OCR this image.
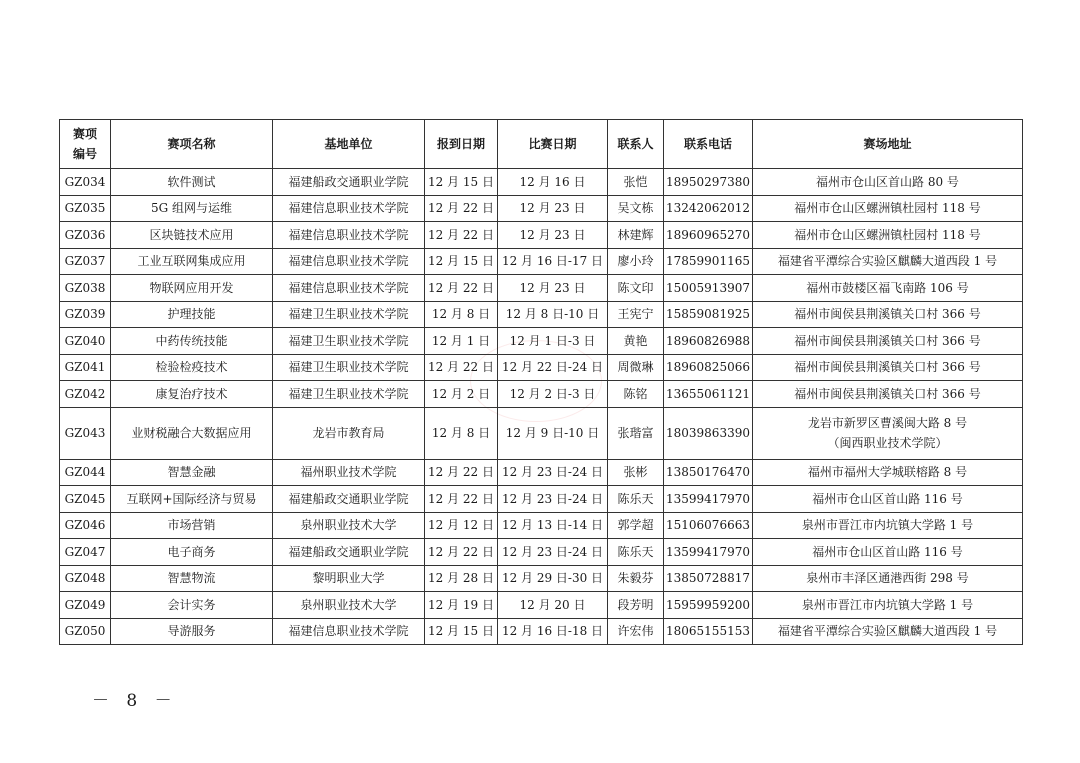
赛项
编号	赛项名称	基地单位	报到日期	比赛日期	联系人	联系电话	赛场地址
GZ034	软件测试	福建船政交通职业学院	12 月 15 日	12 月 16 日	张恺	18950297380	福州市仓山区首山路 80 号
GZ035	5G 组网与运维	福建信息职业技术学院	12 月 22 日	12 月 23 日	吴文栋	13242062012	福州市仓山区螺洲镇杜园村 118 号
GZ036	区块链技术应用	福建信息职业技术学院	12 月 22 日	12 月 23 日	林建辉	18960965270	福州市仓山区螺洲镇杜园村 118 号
GZ037	工业互联网集成应用	福建信息职业技术学院	12 月 15 日	12 月 16 日-17 日	廖小玲	17859901165	福建省平潭综合实验区麒麟大道西段 1 号
GZ038	物联网应用开发	福建信息职业技术学院	12 月 22 日	12 月 23 日	陈文印	15005913907	福州市鼓楼区福飞南路 106 号
GZ039	护理技能	福建卫生职业技术学院	12 月 8 日	12 月 8 日-10 日	王宪宁	15859081925	福州市闽侯县荆溪镇关口村 366 号
GZ040	中药传统技能	福建卫生职业技术学院	12 月 1 日	12 月 1 日-3 日	黄艳	18960826988	福州市闽侯县荆溪镇关口村 366 号
GZ041	检验检疫技术	福建卫生职业技术学院	12 月 22 日	12 月 22 日-24 日	周微琳	18960825066	福州市闽侯县荆溪镇关口村 366 号
GZ042	康复治疗技术	福建卫生职业技术学院	12 月 2 日	12 月 2 日-3 日	陈铭	13655061121	福州市闽侯县荆溪镇关口村 366 号
GZ043	业财税融合大数据应用	龙岩市教育局	12 月 8 日	12 月 9 日-10 日	张瑎富	18039863390	龙岩市新罗区曹溪闽大路 8 号
（闽西职业技术学院）

GZ044	智慧金融	福州职业技术学院	12 月 22 日	12 月 23 日-24 日	张彬	13850176470	福州市福州大学城联榕路 8 号
GZ045	互联网+国际经济与贸易	福建船政交通职业学院	12 月 22 日	12 月 23 日-24 日	陈乐天	13599417970	福州市仓山区首山路 116 号
GZ046	市场营销	泉州职业技术大学	12 月 12 日	12 月 13 日-14 日	郭学超	15106076663	泉州市晋江市内坑镇大学路 1 号
GZ047	电子商务	福建船政交通职业学院	12 月 22 日	12 月 23 日-24 日	陈乐天	13599417970	福州市仓山区首山路 116 号
GZ048	智慧物流	黎明职业大学	12 月 28 日	12 月 29 日-30 日	朱毅芬	13850728817	泉州市丰泽区通港西街 298 号
GZ049	会计实务	泉州职业技术大学	12 月 19 日	12 月 20 日	段芳明	15959959200	泉州市晋江市内坑镇大学路 1 号
GZ050	导游服务	福建信息职业技术学院	12 月 15 日	12 月 16 日-18 日	许宏伟	18065155153	福建省平潭综合实验区麒麟大道西段 1 号
－ 8 －
